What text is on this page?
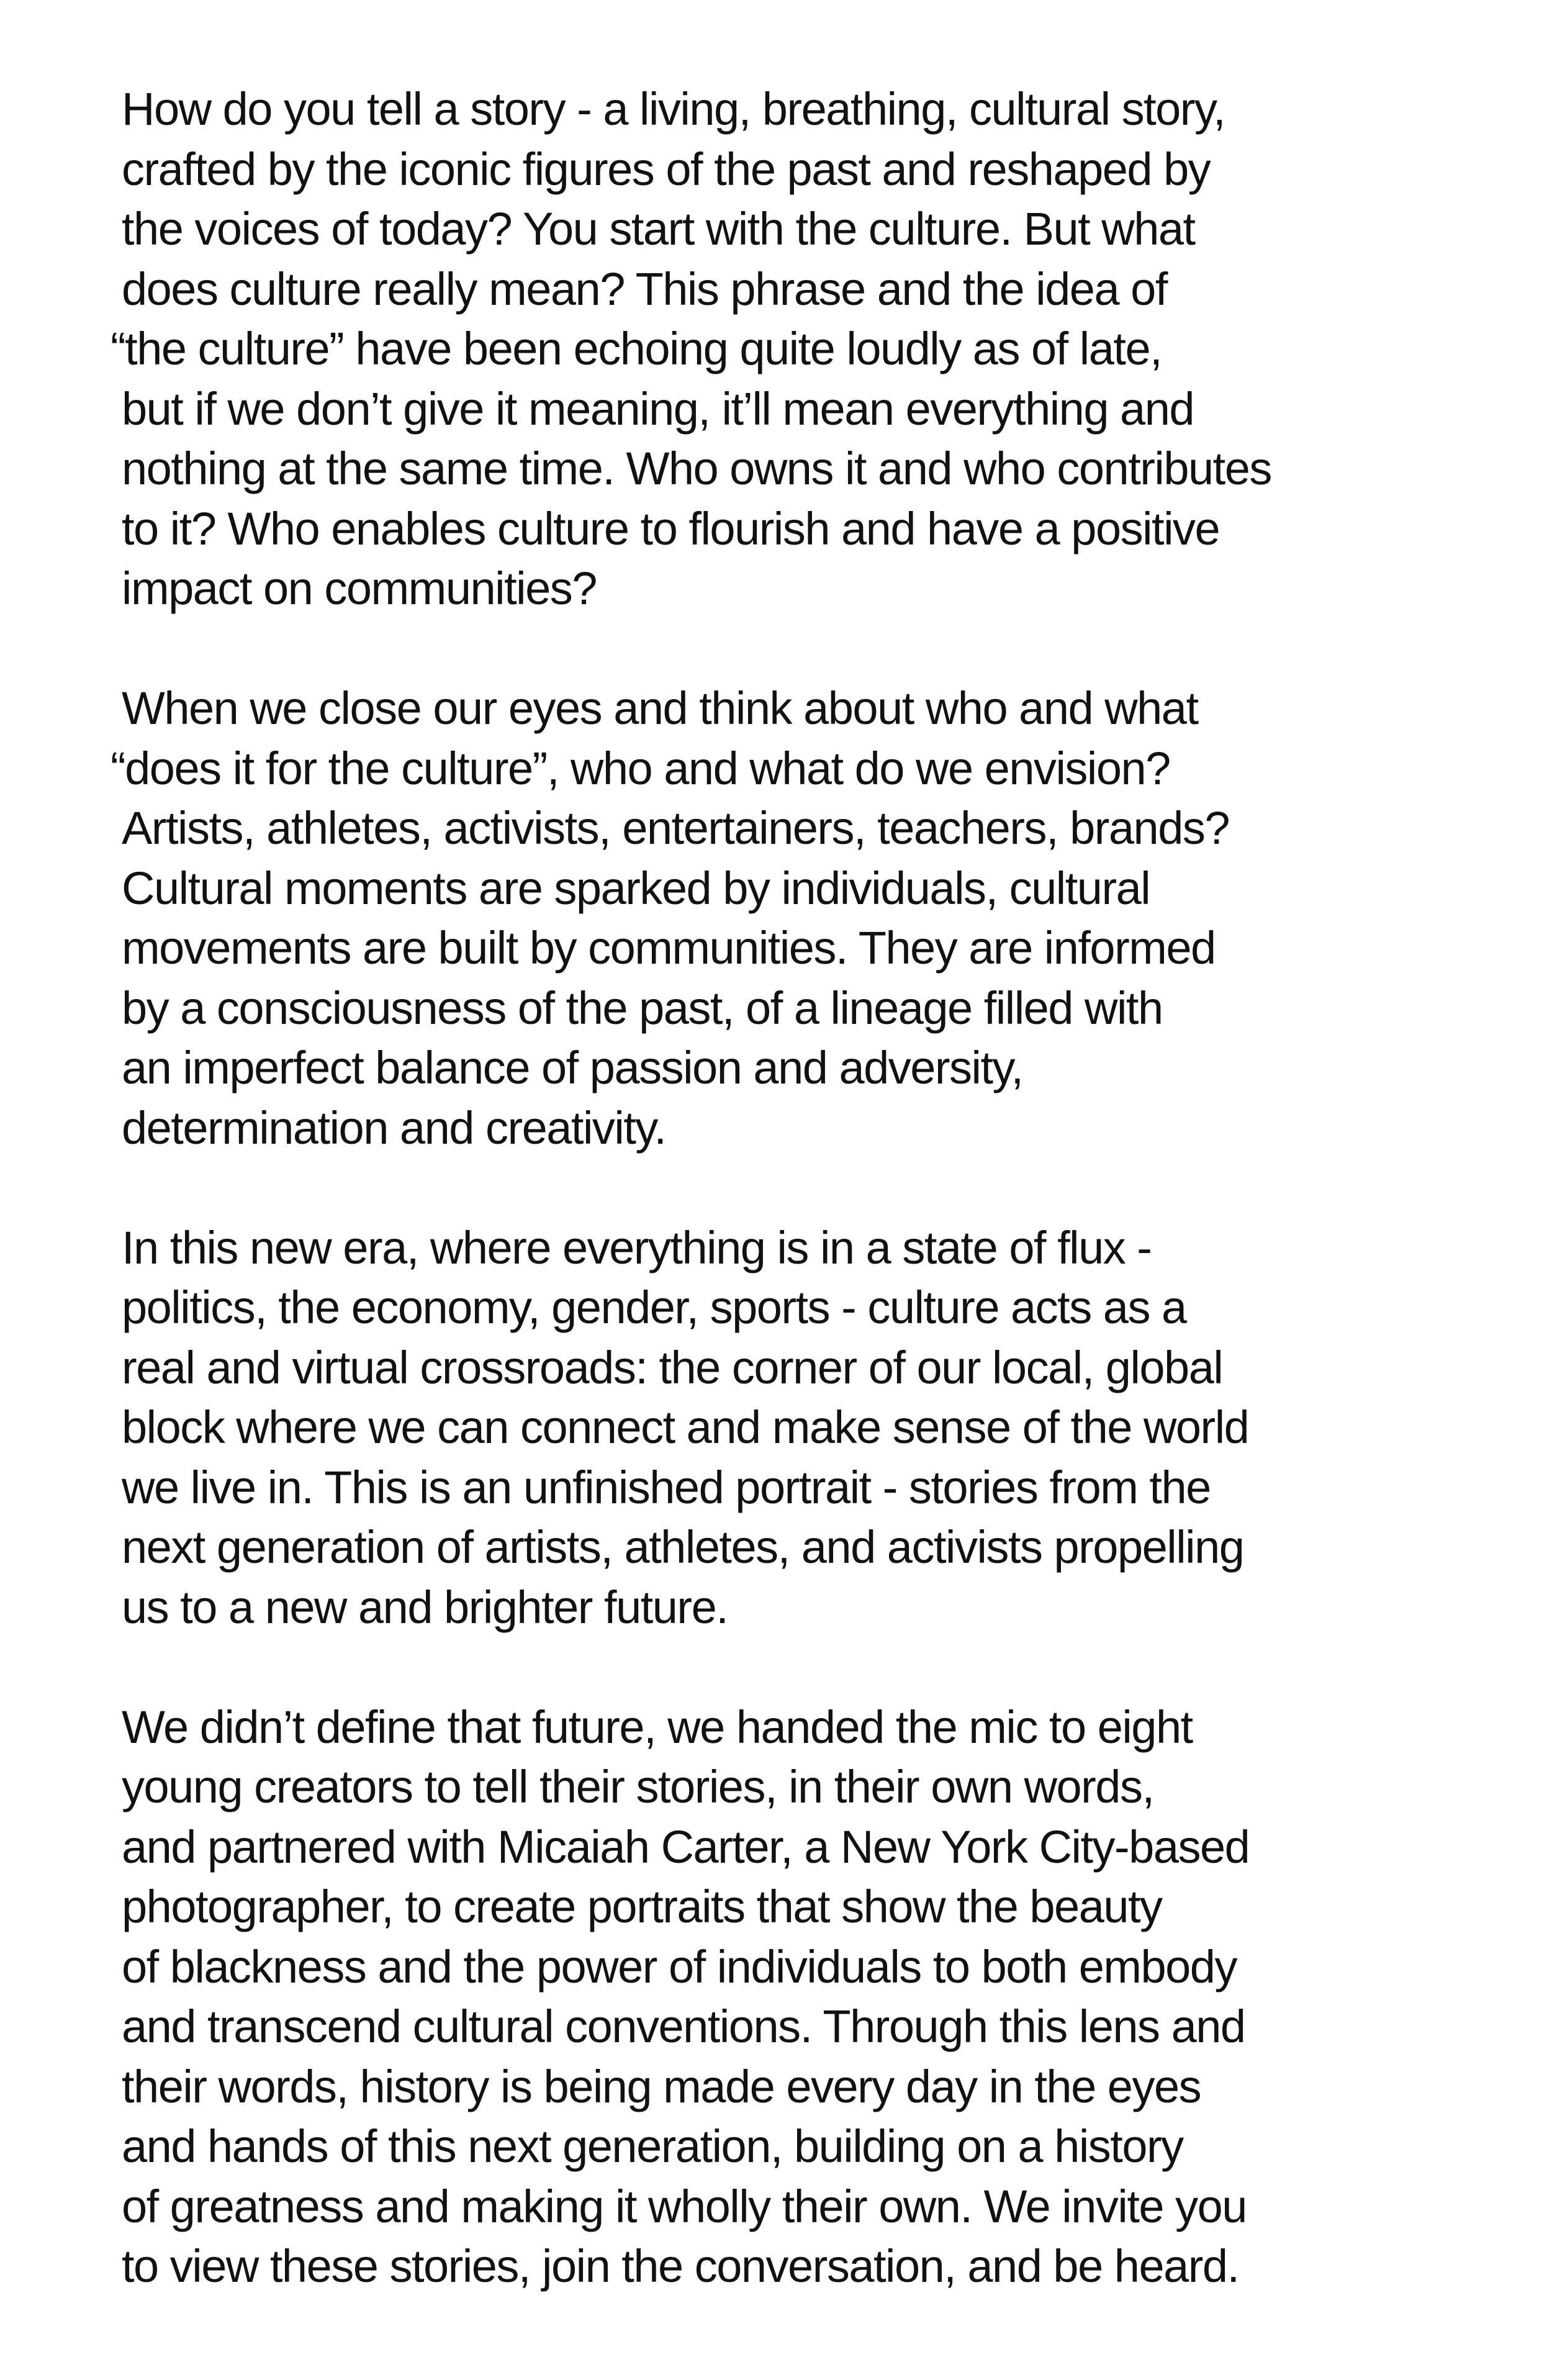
How do you tell a story - a living, breathing, cultural story,
crafted by the iconic figures of the past and reshaped by
the voices of today? You start with the culture. But what
does culture really mean? This phrase and the idea of
“the culture” have been echoing quite loudly as of late,
but if we don’t give it meaning, it’ll mean everything and
nothing at the same time. Who owns it and who contributes
to it? Who enables culture to flourish and have a positive
impact on communities?

When we close our eyes and think about who and what
“does it for the culture”, who and what do we envision?
Artists, athletes, activists, entertainers, teachers, brands?
Cultural moments are sparked by individuals, cultural
movements are built by communities. They are informed
by a consciousness of the past, of a lineage filled with
an imperfect balance of passion and adversity,
determination and creativity.

In this new era, where everything is in a state of flux -
politics, the economy, gender, sports - culture acts as a
real and virtual crossroads: the corner of our local, global
block where we can connect and make sense of the world
we live in. This is an unfinished portrait - stories from the
next generation of artists, athletes, and activists propelling
us to a new and brighter future.

We didn’t define that future, we handed the mic to eight
young creators to tell their stories, in their own words,
and partnered with Micaiah Carter, a New York City-based
photographer, to create portraits that show the beauty
of blackness and the power of individuals to both embody
and transcend cultural conventions. Through this lens and
their words, history is being made every day in the eyes
and hands of this next generation, building on a history
of greatness and making it wholly their own. We invite you
to view these stories, join the conversation, and be heard.
